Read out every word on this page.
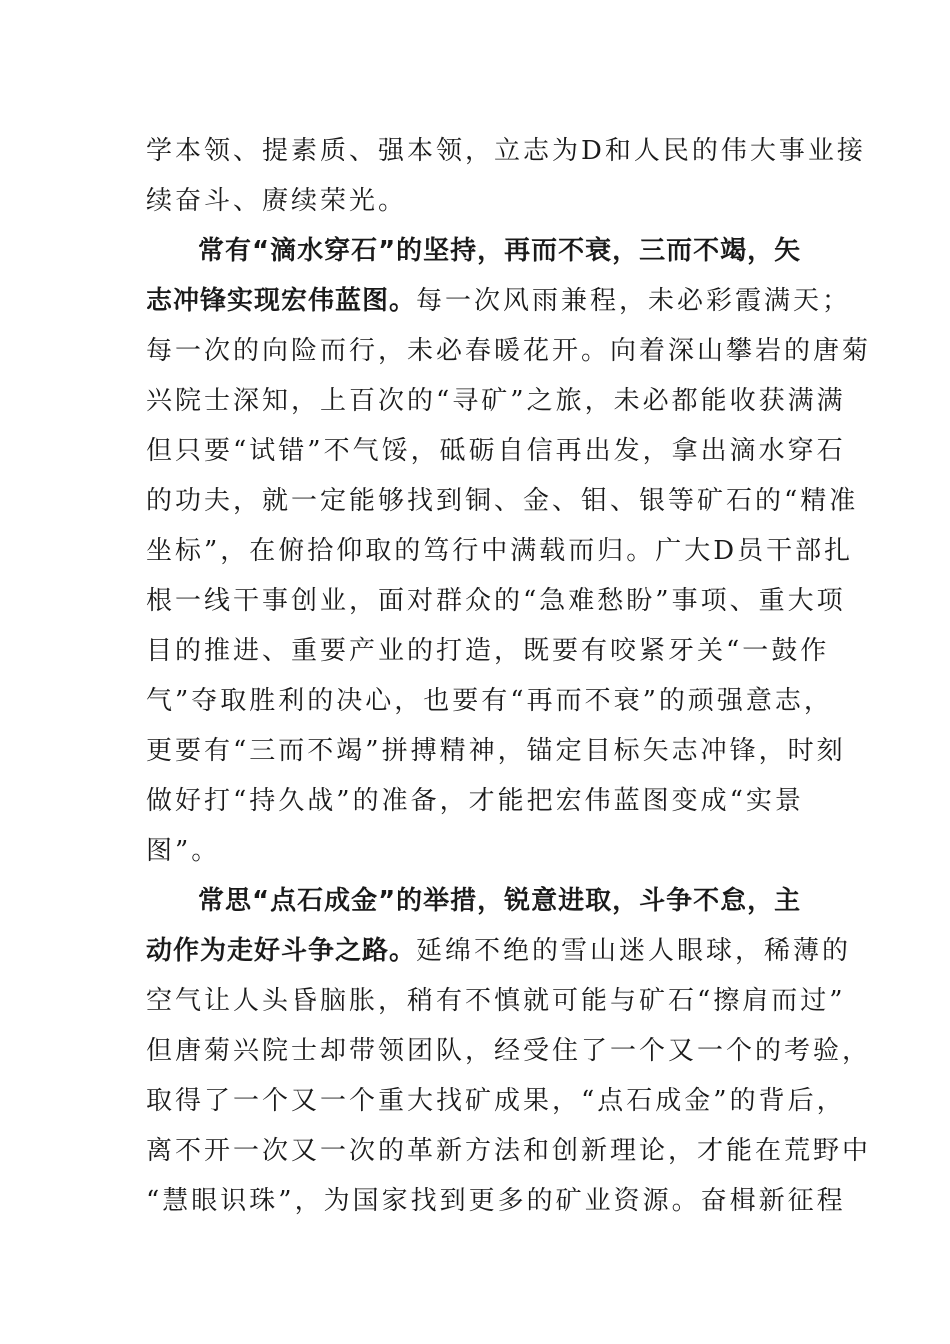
学本领、提素质、强本领，立志为D和人民的伟大事业接
续奋斗、赓续荣光。

常有“滴水穿石”的坚持，再而不衰，三而不竭，矢
志冲锋实现宏伟蓝图。每一次风雨兼程，未必彩霞满天；
每一次的向险而行，未必春暖花开。向着深山攀岩的唐菊
兴院士深知，上百次的“寻矿”之旅，未必都能收获满满
但只要“试错”不气馁，砥砺自信再出发，拿出滴水穿石
的功夫，就一定能够找到铜、金、钼、银等矿石的“精准
坐标”，在俯拾仰取的笃行中满载而归。广大D员干部扎
根一线干事创业，面对群众的“急难愁盼”事项、重大项
目的推进、重要产业的打造，既要有咬紧牙关“一鼓作
气”夺取胜利的决心，也要有“再而不衰”的顽强意志，
更要有“三而不竭”拼搏精神，锚定目标矢志冲锋，时刻
做好打“持久战”的准备，才能把宏伟蓝图变成“实景
图”。

常思“点石成金”的举措，锐意进取，斗争不怠，主
动作为走好斗争之路。延绵不绝的雪山迷人眼球，稀薄的
空气让人头昏脑胀，稍有不慎就可能与矿石“擦肩而过”
但唐菊兴院士却带领团队，经受住了一个又一个的考验，
取得了一个又一个重大找矿成果，“点石成金”的背后，
离不开一次又一次的革新方法和创新理论，才能在荒野中
“慧眼识珠”，为国家找到更多的矿业资源。奋楫新征程
